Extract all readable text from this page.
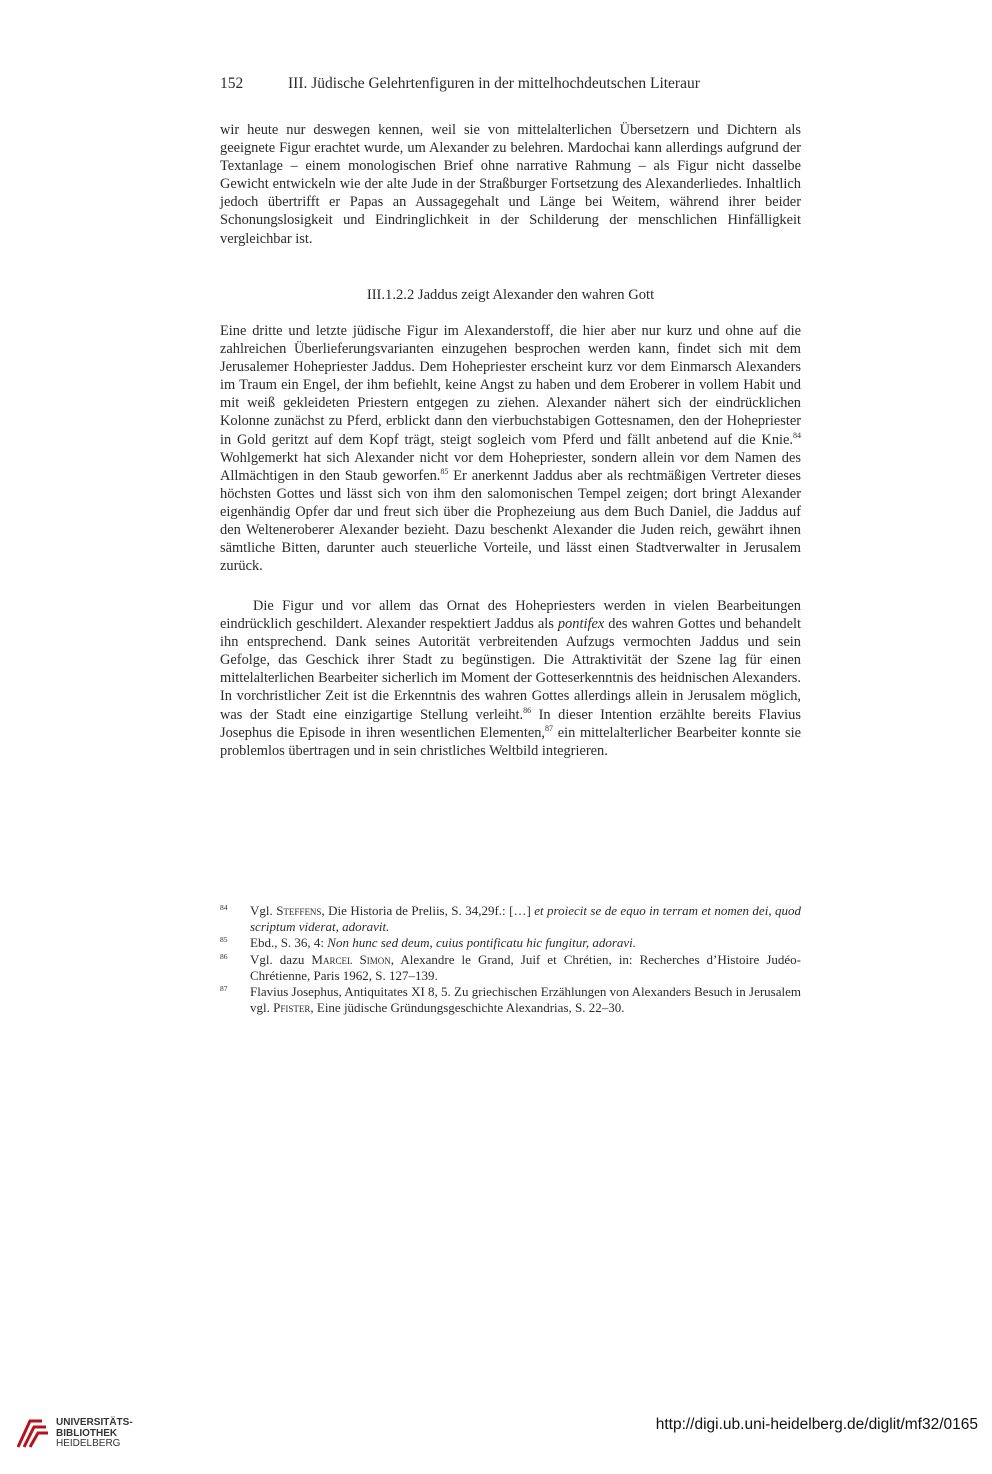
152	III. Jüdische Gelehrtenfiguren in der mittelhochdeutschen Literaur

wir heute nur deswegen kennen, weil sie von mittelalterlichen Übersetzern und Dichtern als geeignete Figur erachtet wurde, um Alexander zu belehren. Mardochai kann allerdings aufgrund der Textanlage – einem monologischen Brief ohne narrative Rahmung – als Figur nicht dasselbe Gewicht entwickeln wie der alte Jude in der Straßburger Fortsetzung des Alexanderliedes. Inhaltlich jedoch übertrifft er Papas an Aussagegehalt und Länge bei Weitem, während ihrer beider Schonungslosigkeit und Eindringlichkeit in der Schilderung der menschlichen Hinfälligkeit vergleichbar ist.

III.1.2.2 Jaddus zeigt Alexander den wahren Gott

Eine dritte und letzte jüdische Figur im Alexanderstoff, die hier aber nur kurz und ohne auf die zahlreichen Überlieferungsvarianten einzugehen besprochen werden kann, findet sich mit dem Jerusalemer Hohepriester Jaddus. Dem Hohepriester erscheint kurz vor dem Einmarsch Alexanders im Traum ein Engel, der ihm befiehlt, keine Angst zu haben und dem Eroberer in vollem Habit und mit weiß gekleideten Priestern entgegen zu ziehen. Alexander nähert sich der eindrücklichen Kolonne zunächst zu Pferd, erblickt dann den vierbuchstabigen Gottesnamen, den der Hohepriester in Gold geritzt auf dem Kopf trägt, steigt sogleich vom Pferd und fällt anbetend auf die Knie.$^{84}$ Wohlgemerkt hat sich Alexander nicht vor dem Hohepriester, sondern allein vor dem Namen des Allmächtigen in den Staub geworfen.$^{85}$ Er anerkennt Jaddus aber als rechtmäßigen Vertreter dieses höchsten Gottes und lässt sich von ihm den salomonischen Tempel zeigen; dort bringt Alexander eigenhändig Opfer dar und freut sich über die Prophezeiung aus dem Buch Daniel, die Jaddus auf den Welteneroberer Alexander bezieht. Dazu beschenkt Alexander die Juden reich, gewährt ihnen sämtliche Bitten, darunter auch steuerliche Vorteile, und lässt einen Stadtverwalter in Jerusalem zurück.

Die Figur und vor allem das Ornat des Hohepriesters werden in vielen Bearbeitungen eindrücklich geschildert. Alexander respektiert Jaddus als pontifex des wahren Gottes und behandelt ihn entsprechend. Dank seines Autorität verbreitenden Aufzugs vermochten Jaddus und sein Gefolge, das Geschick ihrer Stadt zu begünstigen. Die Attraktivität der Szene lag für einen mittelalterlichen Bearbeiter sicherlich im Moment der Gotteserkenntnis des heidnischen Alexanders. In vorchristlicher Zeit ist die Erkenntnis des wahren Gottes allerdings allein in Jerusalem möglich, was der Stadt eine einzigartige Stellung verleiht.$^{86}$ In dieser Intention erzählte bereits Flavius Josephus die Episode in ihren wesentlichen Elementen,$^{87}$ ein mittelalterlicher Bearbeiter konnte sie problemlos übertragen und in sein christliches Weltbild integrieren.

84 Vgl. Steffens, Die Historia de Preliis, S. 34,29f.: […] et proiecit se de equo in terram et nomen dei, quod scriptum viderat, adoravit.
85 Ebd., S. 36, 4: Non hunc sed deum, cuius pontificatu hic fungitur, adoravi.
86 Vgl. dazu Marcel Simon, Alexandre le Grand, Juif et Chrétien, in: Recherches d’Histoire Judéo-Chrétienne, Paris 1962, S. 127–139.
87 Flavius Josephus, Antiquitates XI 8, 5. Zu griechischen Erzählungen von Alexanders Besuch in Jerusalem vgl. Pfister, Eine jüdische Gründungsgeschichte Alexandrias, S. 22–30.
UNIVERSITÄTS-
BIBLIOTHEK
HEIDELBERG
http://digi.ub.uni-heidelberg.de/diglit/mf32/0165
